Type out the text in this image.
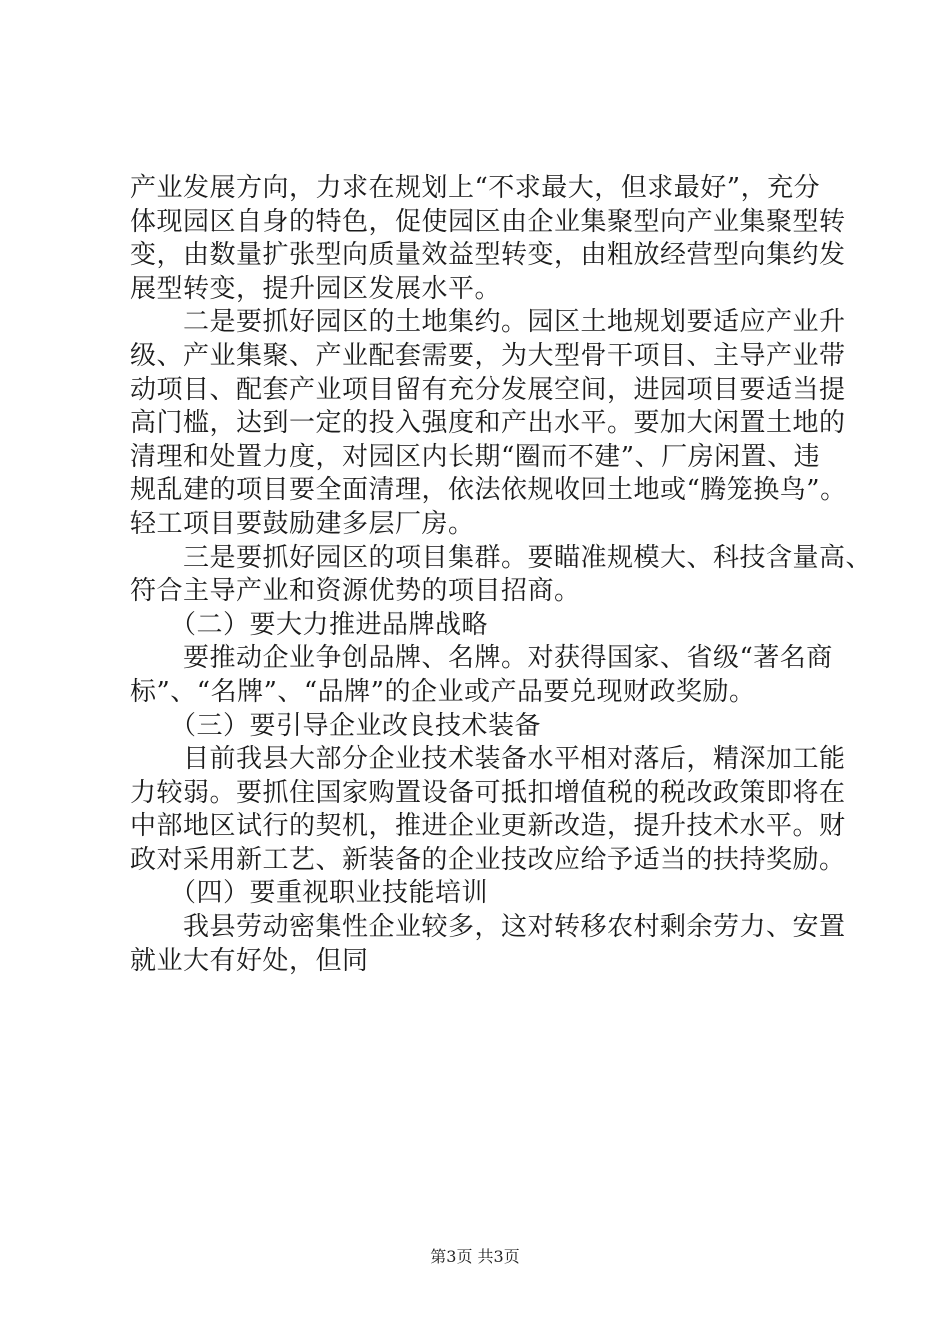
产业发展方向，力求在规划上“不求最大，但求最好”，充分
体现园区自身的特色，促使园区由企业集聚型向产业集聚型转
变，由数量扩张型向质量效益型转变，由粗放经营型向集约发
展型转变，提升园区发展水平。
　　二是要抓好园区的土地集约。园区土地规划要适应产业升
级、产业集聚、产业配套需要，为大型骨干项目、主导产业带
动项目、配套产业项目留有充分发展空间，进园项目要适当提
高门槛，达到一定的投入强度和产出水平。要加大闲置土地的
清理和处置力度，对园区内长期“圈而不建”、厂房闲置、违
规乱建的项目要全面清理，依法依规收回土地或“腾笼换鸟”。
轻工项目要鼓励建多层厂房。
　　三是要抓好园区的项目集群。要瞄准规模大、科技含量高、
符合主导产业和资源优势的项目招商。
　　（二）要大力推进品牌战略
　　要推动企业争创品牌、名牌。对获得国家、省级“著名商
标”、“名牌”、“品牌”的企业或产品要兑现财政奖励。
　　（三）要引导企业改良技术装备
　　目前我县大部分企业技术装备水平相对落后，精深加工能
力较弱。要抓住国家购置设备可抵扣增值税的税改政策即将在
中部地区试行的契机，推进企业更新改造，提升技术水平。财
政对采用新工艺、新装备的企业技改应给予适当的扶持奖励。
　　（四）要重视职业技能培训
　　我县劳动密集性企业较多，这对转移农村剩余劳力、安置
就业大有好处，但同
第3页 共3页
